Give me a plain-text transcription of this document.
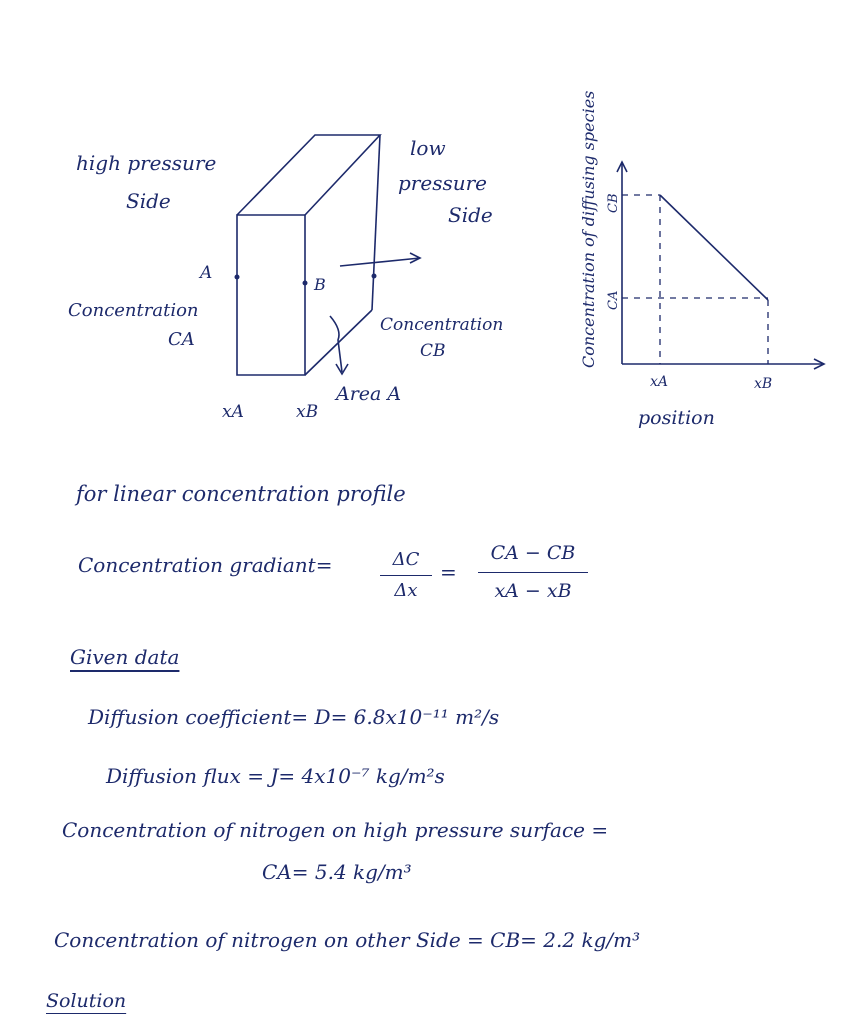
high pressure
Side
low
pressure
Side
A
B
Concentration
CA
Concentration
CB
Area A
xA	xB
Concentration of diffusing species CB
CA
xA	xB
position
for linear concentration profile
Concentration gradiant=	ΔC
Δx
=
CA − CB
xA − xB
Given data
Diffusion coefficient= D= 6.8x10⁻¹¹ m²/s
Diffusion flux = J= 4x10⁻⁷ kg/m²s
Concentration of nitrogen on high pressure surface =
CA= 5.4 kg/m³
Concentration of nitrogen on other Side = CB= 2.2 kg/m³
Solution
